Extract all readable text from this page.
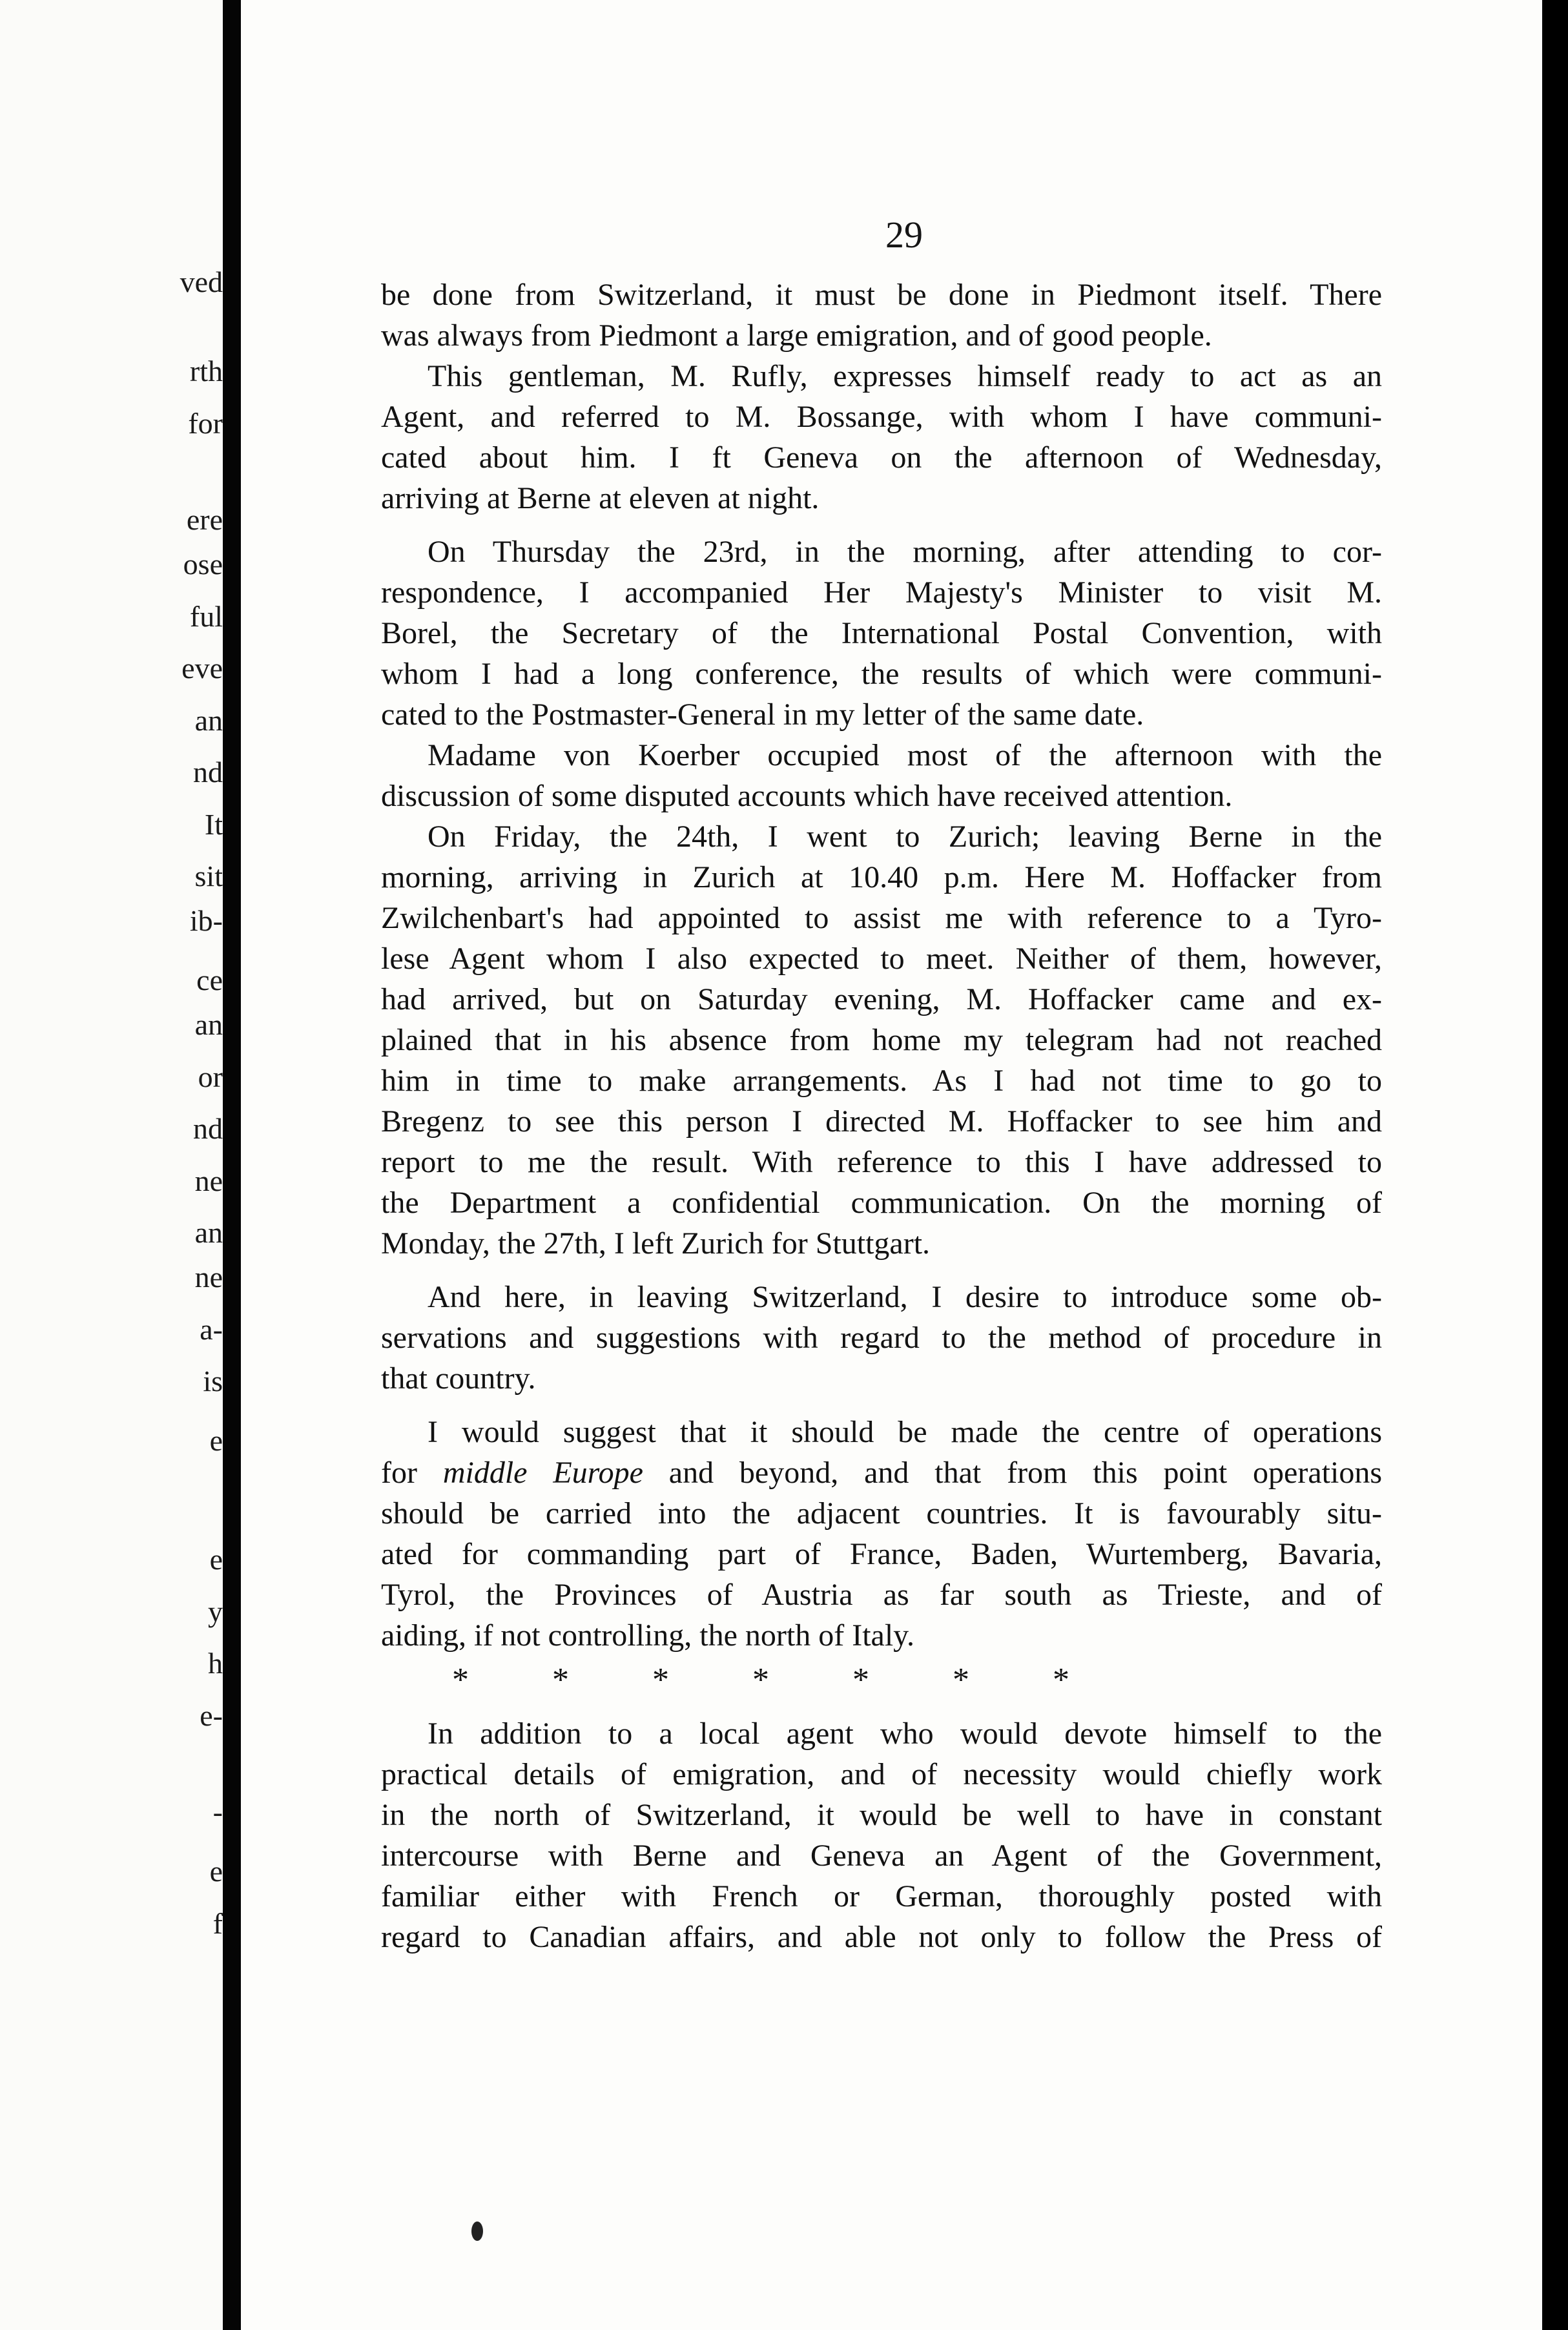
ved
rth
for
ere
ose
ful
eve
an
nd
It
sit
ib-
ce
an
or
nd
ne
an
ne
a-
is
e
e
y
h
e-
-
e
f
29
be done from Switzerland, it must be done in Piedmont itself. There
was always from Piedmont a large emigration, and of good people.
This gentleman, M. Rufly, expresses himself ready to act as an
Agent, and referred to M. Bossange, with whom I have communi-
cated about him. I ft Geneva on the afternoon of Wednesday,
arriving at Berne at eleven at night.
On Thursday the 23rd, in the morning, after attending to cor-
respondence, I accompanied Her Majesty's Minister to visit M.
Borel, the Secretary of the International Postal Convention, with
whom I had a long conference, the results of which were communi-
cated to the Postmaster-General in my letter of the same date.
Madame von Koerber occupied most of the afternoon with the
discussion of some disputed accounts which have received attention.
On Friday, the 24th, I went to Zurich; leaving Berne in the
morning, arriving in Zurich at 10.40 p.m. Here M. Hoffacker from
Zwilchenbart's had appointed to assist me with reference to a Tyro-
lese Agent whom I also expected to meet. Neither of them, however,
had arrived, but on Saturday evening, M. Hoffacker came and ex-
plained that in his absence from home my telegram had not reached
him in time to make arrangements. As I had not time to go to
Bregenz to see this person I directed M. Hoffacker to see him and
report to me the result. With reference to this I have addressed to
the Department a confidential communication. On the morning of
Monday, the 27th, I left Zurich for Stuttgart.
And here, in leaving Switzerland, I desire to introduce some ob-
servations and suggestions with regard to the method of procedure in
that country.
I would suggest that it should be made the centre of operations
for middle Europe and beyond, and that from this point operations
should be carried into the adjacent countries. It is favourably situ-
ated for commanding part of France, Baden, Wurtemberg, Bavaria,
Tyrol, the Provinces of Austria as far south as Trieste, and of
aiding, if not controlling, the north of Italy.
* * * * * * *
In addition to a local agent who would devote himself to the
practical details of emigration, and of necessity would chiefly work
in the north of Switzerland, it would be well to have in constant
intercourse with Berne and Geneva an Agent of the Government,
familiar either with French or German, thoroughly posted with
regard to Canadian affairs, and able not only to follow the Press of
